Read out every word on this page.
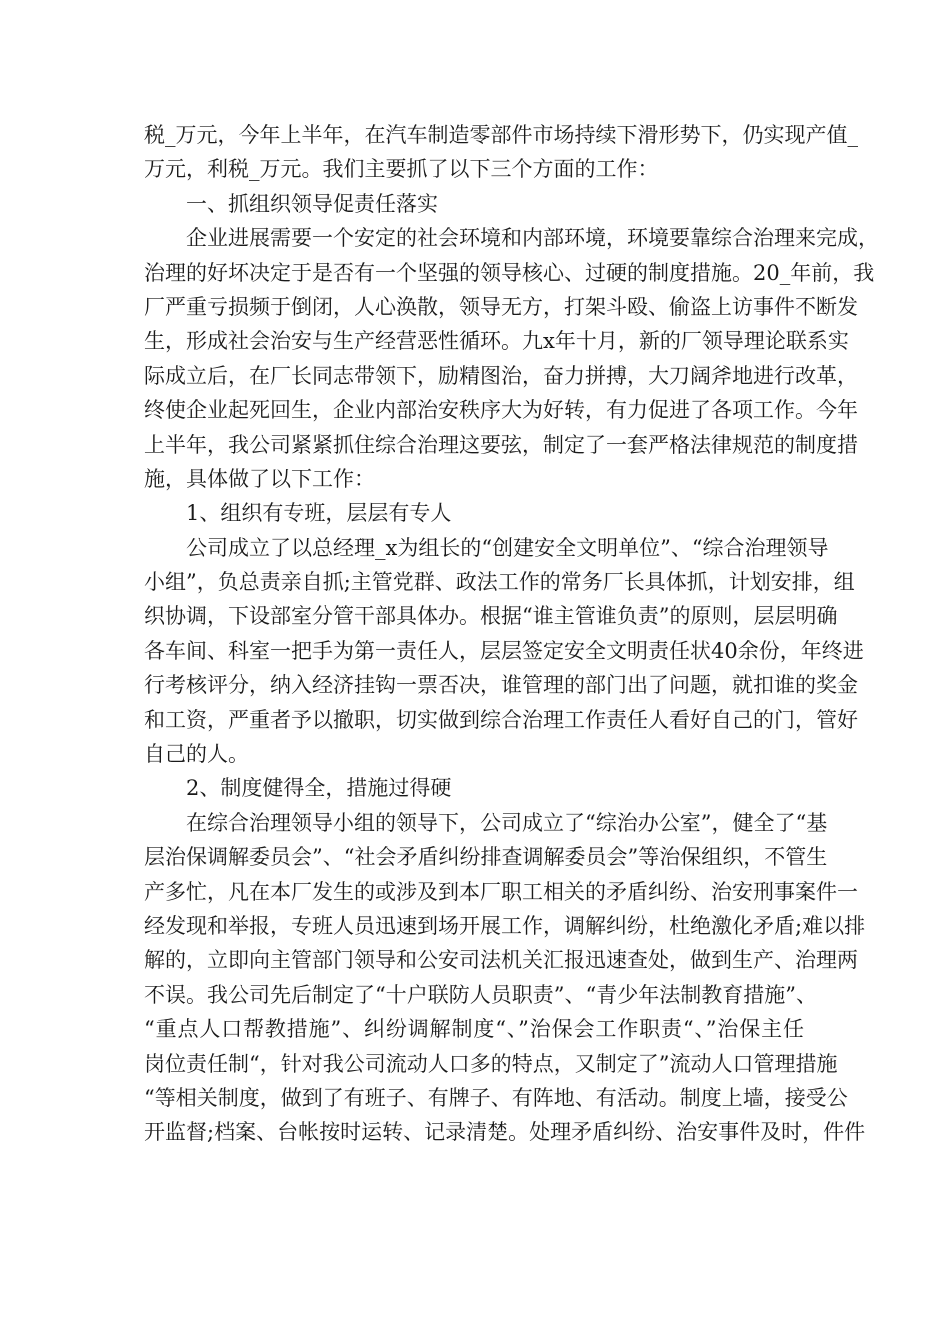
税_万元，今年上半年，在汽车制造零部件市场持续下滑形势下，仍实现产值_
万元，利税_万元。我们主要抓了以下三个方面的工作：
一、抓组织领导促责任落实
企业进展需要一个安定的社会环境和内部环境，环境要靠综合治理来完成，
治理的好坏决定于是否有一个坚强的领导核心、过硬的制度措施。20_年前，我
厂严重亏损频于倒闭，人心涣散，领导无方，打架斗殴、偷盗上访事件不断发
生，形成社会治安与生产经营恶性循环。九x年十月，新的厂领导理论联系实
际成立后，在厂长同志带领下，励精图治，奋力拼搏，大刀阔斧地进行改革，
终使企业起死回生，企业内部治安秩序大为好转，有力促进了各项工作。今年
上半年，我公司紧紧抓住综合治理这要弦，制定了一套严格法律规范的制度措
施，具体做了以下工作：
1、组织有专班，层层有专人
公司成立了以总经理_x为组长的“创建安全文明单位”、“综合治理领导
小组”，负总责亲自抓;主管党群、政法工作的常务厂长具体抓，计划安排，组
织协调，下设部室分管干部具体办。根据“谁主管谁负责”的原则，层层明确
各车间、科室一把手为第一责任人，层层签定安全文明责任状40余份，年终进
行考核评分，纳入经济挂钩一票否决，谁管理的部门出了问题，就扣谁的奖金
和工资，严重者予以撤职，切实做到综合治理工作责任人看好自己的门，管好
自己的人。
2、制度健得全，措施过得硬
在综合治理领导小组的领导下，公司成立了“综治办公室”，健全了“基
层治保调解委员会”、“社会矛盾纠纷排查调解委员会”等治保组织，不管生
产多忙，凡在本厂发生的或涉及到本厂职工相关的矛盾纠纷、治安刑事案件一
经发现和举报，专班人员迅速到场开展工作，调解纠纷，杜绝激化矛盾;难以排
解的，立即向主管部门领导和公安司法机关汇报迅速查处，做到生产、治理两
不误。我公司先后制定了“十户联防人员职责”、“青少年法制教育措施”、
“重点人口帮教措施”、纠纷调解制度“、”治保会工作职责“、”治保主任
岗位责任制“，针对我公司流动人口多的特点，又制定了”流动人口管理措施
“等相关制度，做到了有班子、有牌子、有阵地、有活动。制度上墙，接受公
开监督;档案、台帐按时运转、记录清楚。处理矛盾纠纷、治安事件及时，件件
